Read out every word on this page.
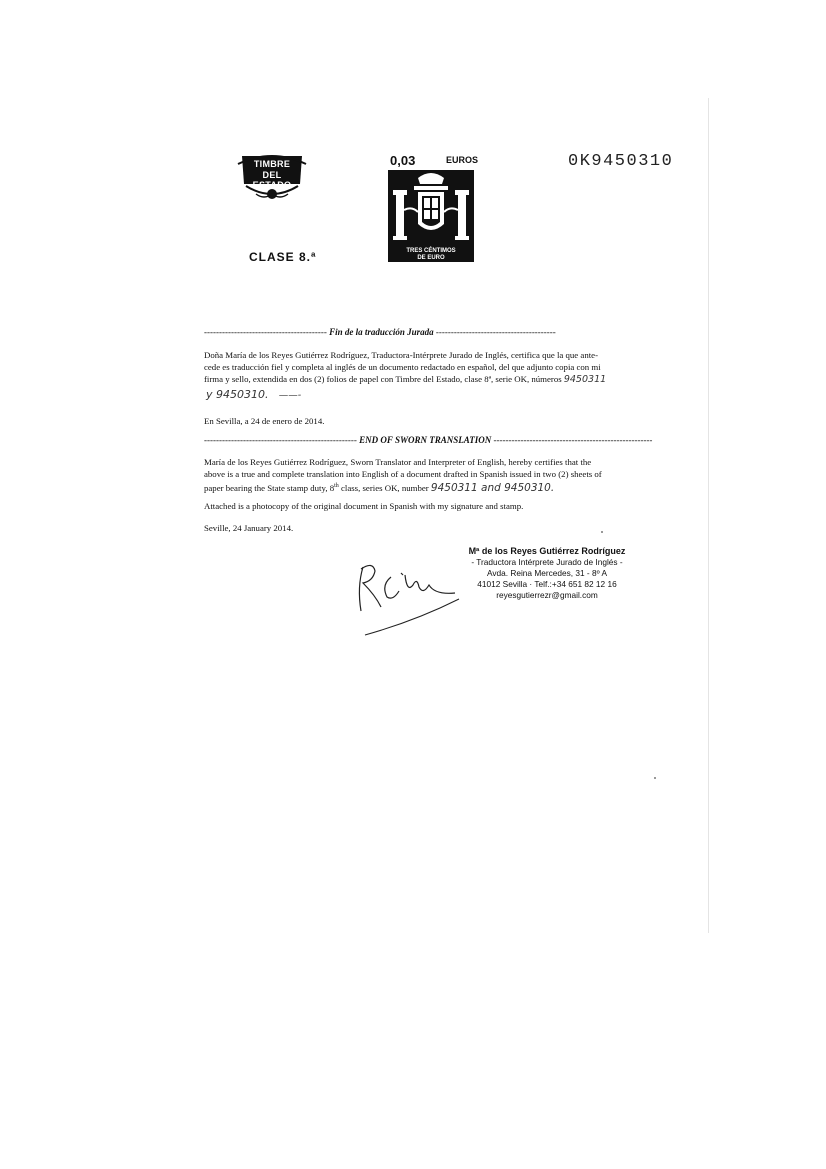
TIMBRE
DEL ESTADO
CLASE 8.ª
0,03	EUROS
TRES CÉNTIMOS
DE EURO
0K9450310
----------------------------------------- Fin de la traducción Jurada ----------------------------------------
Doña María de los Reyes Gutiérrez Rodríguez, Traductora-Intérprete Jurado de Inglés, certifica que la que ante-
cede es traducción fiel y completa al inglés de un documento redactado en español, del que adjunto copia con mi
firma y sello, extendida en dos (2) folios de papel con Timbre del Estado, clase 8ª, serie OK, números 9450311
y 9450310. ——-
En Sevilla, a 24 de enero de 2014.
--------------------------------------------------- END OF SWORN TRANSLATION -----------------------------------------------------
María de los Reyes Gutiérrez Rodríguez, Sworn Translator and Interpreter of English, hereby certifies that the
above is a true and complete translation into English of a document drafted in Spanish issued in two (2) sheets of
paper bearing the State stamp duty, 8th class, series OK, number 9450311 and 9450310.
Attached is a photocopy of the original document in Spanish with my signature and stamp.
Seville, 24 January 2014.
Mª de los Reyes Gutiérrez Rodríguez
- Traductora Intérprete Jurado de Inglés -
Avda. Reina Mercedes, 31 - 8º A
41012 Sevilla · Telf.:+34 651 82 12 16
reyesgutierrezr@gmail.com
